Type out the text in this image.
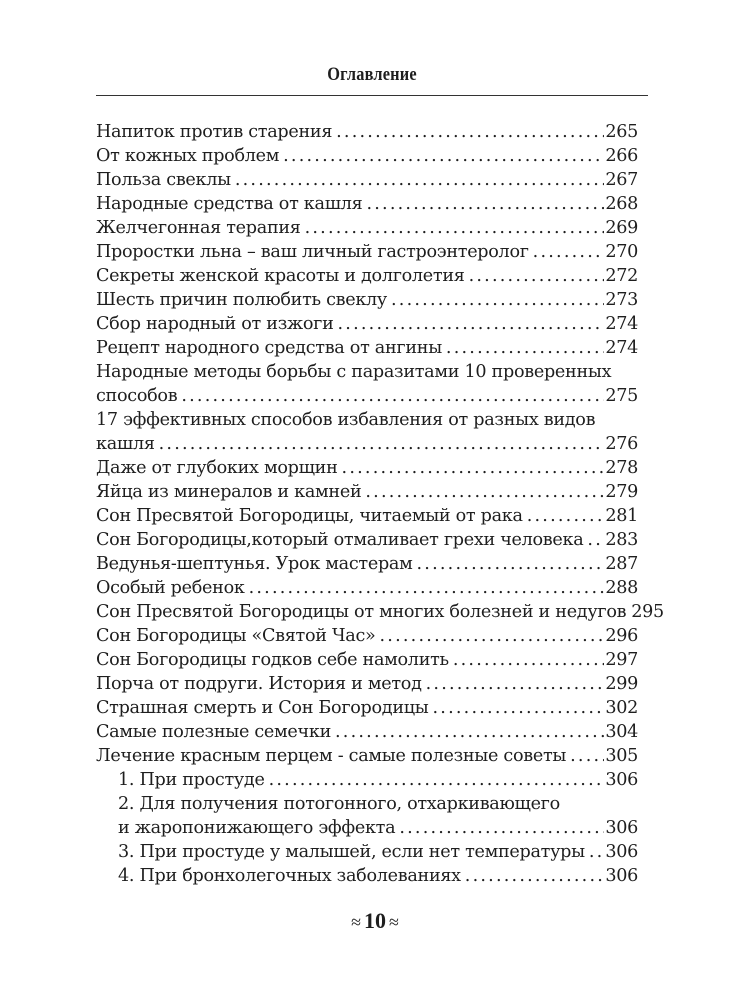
Оглавление
Напиток против старения .....	265
От кожных проблем .....	266
Польза свеклы .....	267
Народные средства от кашля .....	268
Желчегонная терапия .....	269
Проростки льна – ваш личный гастроэнтеролог .....	270
Секреты женской красоты и долголетия .....	272
Шесть причин полюбить свеклу .....	273
Сбор народный от изжоги .....	274
Рецепт народного средства от ангины .....	274
Народные методы борьбы с паразитами 10 проверенных
способов .....	275
17 эффективных способов избавления от разных видов
кашля .....	276
Даже от глубоких морщин .....	278
Яйца из минералов и камней .....	279
Сон Пресвятой Богородицы, читаемый от рака .....	281
Сон Богородицы,который отмаливает грехи человека ..... 283
Ведунья-шептунья. Урок мастерам .....	287
Особый ребенок .....	288
Сон Пресвятой Богородицы от многих болезней и недугов 295
Сон Богородицы «Святой Час» .....	296
Сон Богородицы годков себе намолить .....	297
Порча от подруги. История и метод .....	299
Страшная смерть и Сон Богородицы .....	302
Самые полезные семечки .....	304
Лечение красным перцем - самые полезные советы ..... 305
1. При простуде .....	306
2. Для получения потогонного, отхаркивающего
и жаропонижающего эффекта .....	306
3. При простуде у малышей, если нет температуры ..... 306
4. При бронхолегочных заболеваниях .....	306
≈ 10 ≈
